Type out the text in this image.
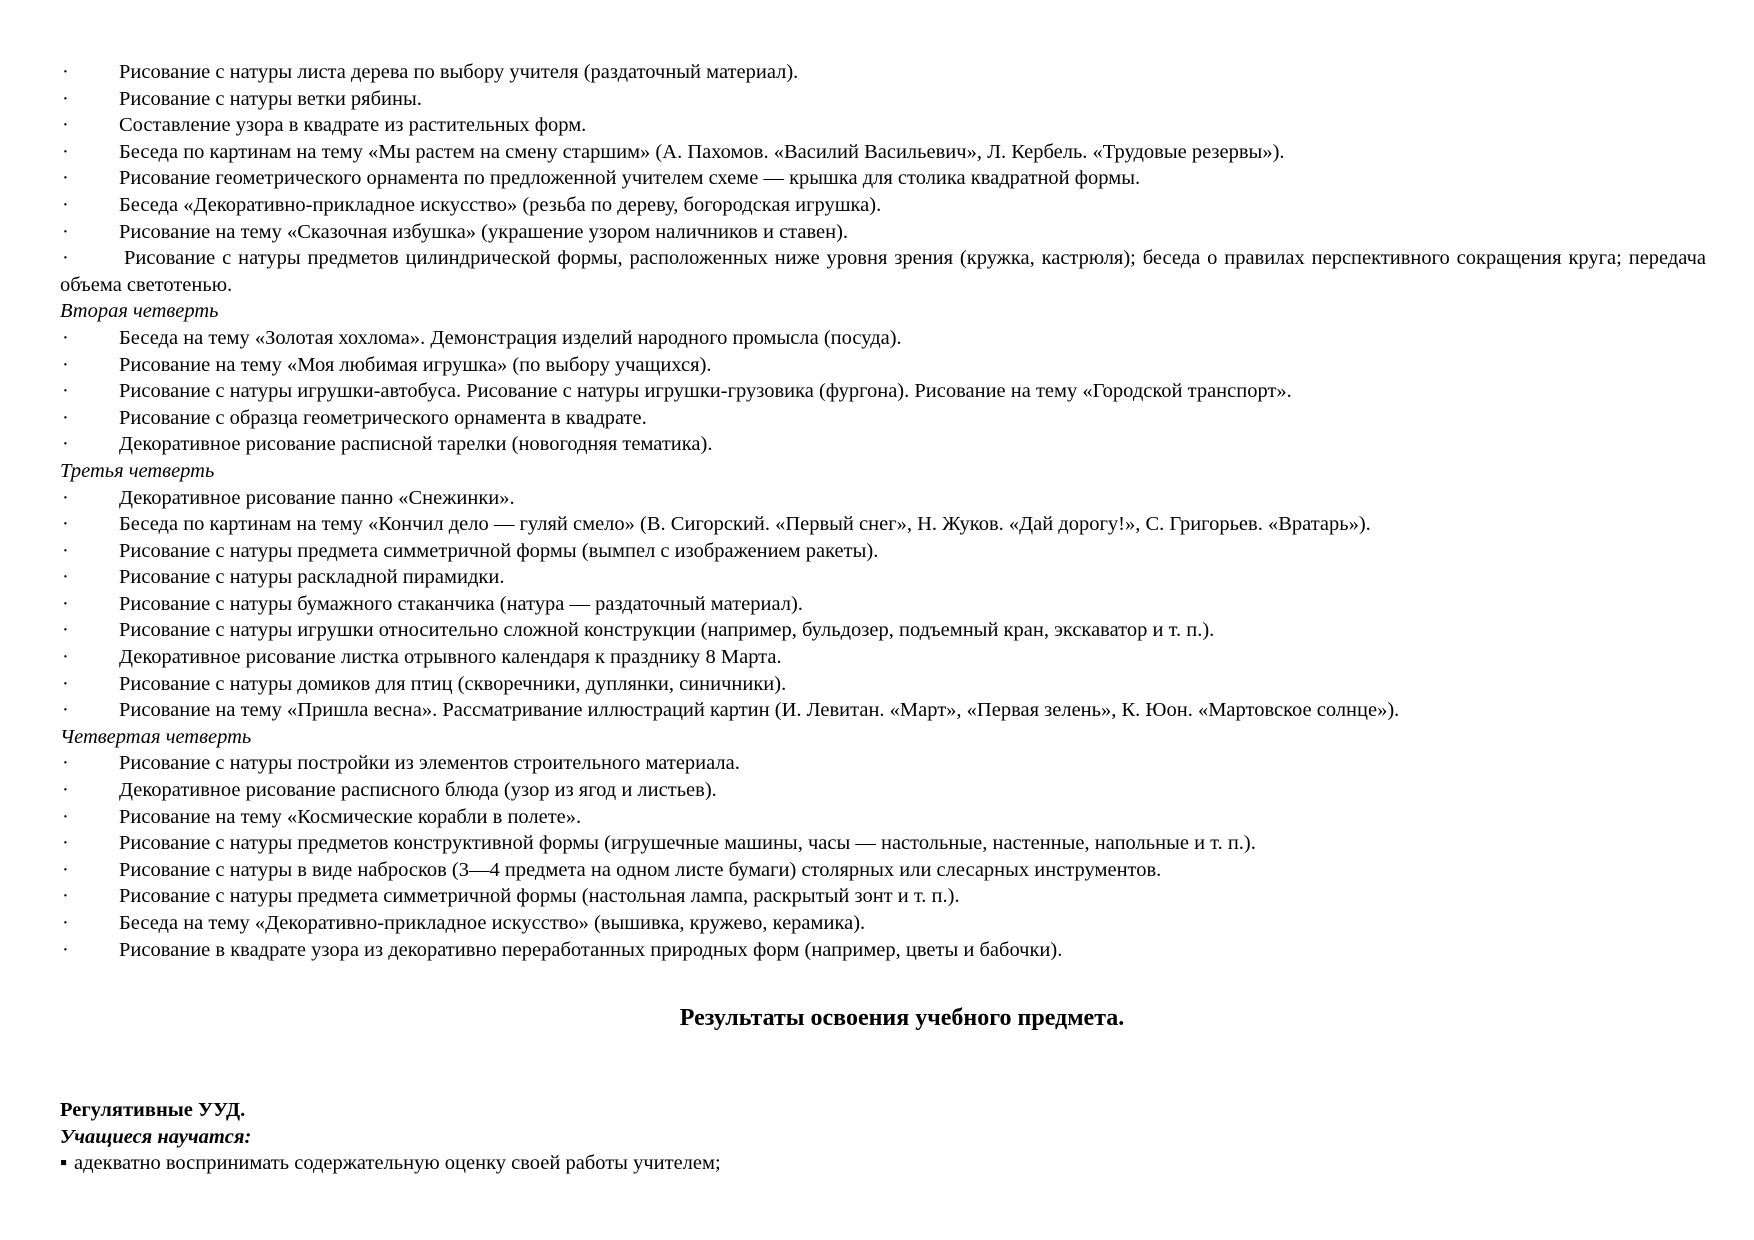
· Рисование с натуры листа дерева по выбору учителя (раздаточный материал).
· Рисование с натуры ветки рябины.
· Составление узора в квадрате из растительных форм.
· Беседа по картинам на тему «Мы растем на смену старшим» (А. Пахомов. «Василий Васильевич», Л. Кербель. «Трудовые резервы»).
· Рисование геометрического орнамента по предложенной учителем схеме — крышка для столика квадратной формы.
· Беседа «Декоративно-прикладное искусство» (резьба по дереву, богородская игрушка).
· Рисование на тему «Сказочная избушка» (украшение узором наличников и ставен).
·	Рисование с натуры предметов цилиндрической формы, расположенных ниже уровня зрения (кружка, кастрюля); беседа о правилах перспективного сокращения круга; передача объема светотенью.
Вторая четверть
· Беседа на тему «Золотая хохлома». Демонстрация изделий народного промысла (посуда).
· Рисование на тему «Моя любимая игрушка» (по выбору учащихся).
· Рисование с натуры игрушки-автобуса. Рисование с натуры игрушки-грузовика (фургона). Рисование на тему «Городской транспорт».
· Рисование с образца геометрического орнамента в квадрате.
· Декоративное рисование расписной тарелки (новогодняя тематика).
Третья четверть
· Декоративное рисование панно «Снежинки».
· Беседа по картинам на тему «Кончил дело — гуляй смело» (В. Сигорский. «Первый снег», Н. Жуков. «Дай дорогу!», С. Григорьев. «Вратарь»).
· Рисование с натуры предмета симметричной формы (вымпел с изображением ракеты).
· Рисование с натуры раскладной пирамидки.
· Рисование с натуры бумажного стаканчика (натура — раздаточный материал).
· Рисование с натуры игрушки относительно сложной конструкции (например, бульдозер, подъемный кран, экскаватор и т. п.).
· Декоративное рисование листка отрывного календаря к празднику 8 Марта.
· Рисование с натуры домиков для птиц (скворечники, дуплянки, синичники).
· Рисование на тему «Пришла весна». Рассматривание иллюстраций картин (И. Левитан. «Март», «Первая зелень», К. Юон. «Мартовское солнце»).
Четвертая четверть
· Рисование с натуры постройки из элементов строительного материала.
· Декоративное рисование расписного блюда (узор из ягод и листьев).
· Рисование на тему «Космические корабли в полете».
· Рисование с натуры предметов конструктивной формы (игрушечные машины, часы — настольные, настенные, напольные и т. п.).
· Рисование с натуры в виде набросков (3—4 предмета на одном листе бумаги) столярных или слесарных инструментов.
· Рисование с натуры предмета симметричной формы (настольная лампа, раскрытый зонт и т. п.).
· Беседа на тему «Декоративно-прикладное искусство» (вышивка, кружево, керамика).
· Рисование в квадрате узора из декоративно переработанных природных форм (например, цветы и бабочки).
Результаты освоения учебного предмета.
Регулятивные УУД.
Учащиеся научатся:
▪ адекватно воспринимать содержательную оценку своей работы учителем;
